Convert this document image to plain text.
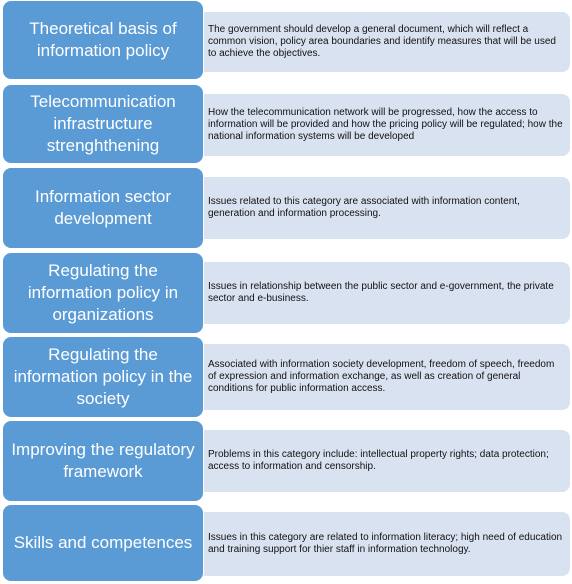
• The government should develop a general document, which will reflect a common vision, policy area boundaries and identify measures that will be used to achieve the objectives.
Theoretical basis of information policy
• How the telecommunication network will be progressed, how the access to information will be provided and how the pricing policy will be regulated; how the national information systems will be developed
Telecommunication infrastructure strenghthening
• Issues related to this category are associated with information content, generation and information processing.
Information sector development
• Issues in relationship between the public sector and e-government, the private sector and e-business.
Regulating the information policy in organizations
• Associated with information society development, freedom of speech, freedom of expression and information exchange, as well as creation of general conditions for public information access.
Regulating the information policy in the society
• Problems in this category include: intellectual property rights; data protection; access to information and censorship.
Improving the regulatory framework
• Issues in this category are related to information literacy; high need of education and training support for thier staff in information technology.
Skills and competences
